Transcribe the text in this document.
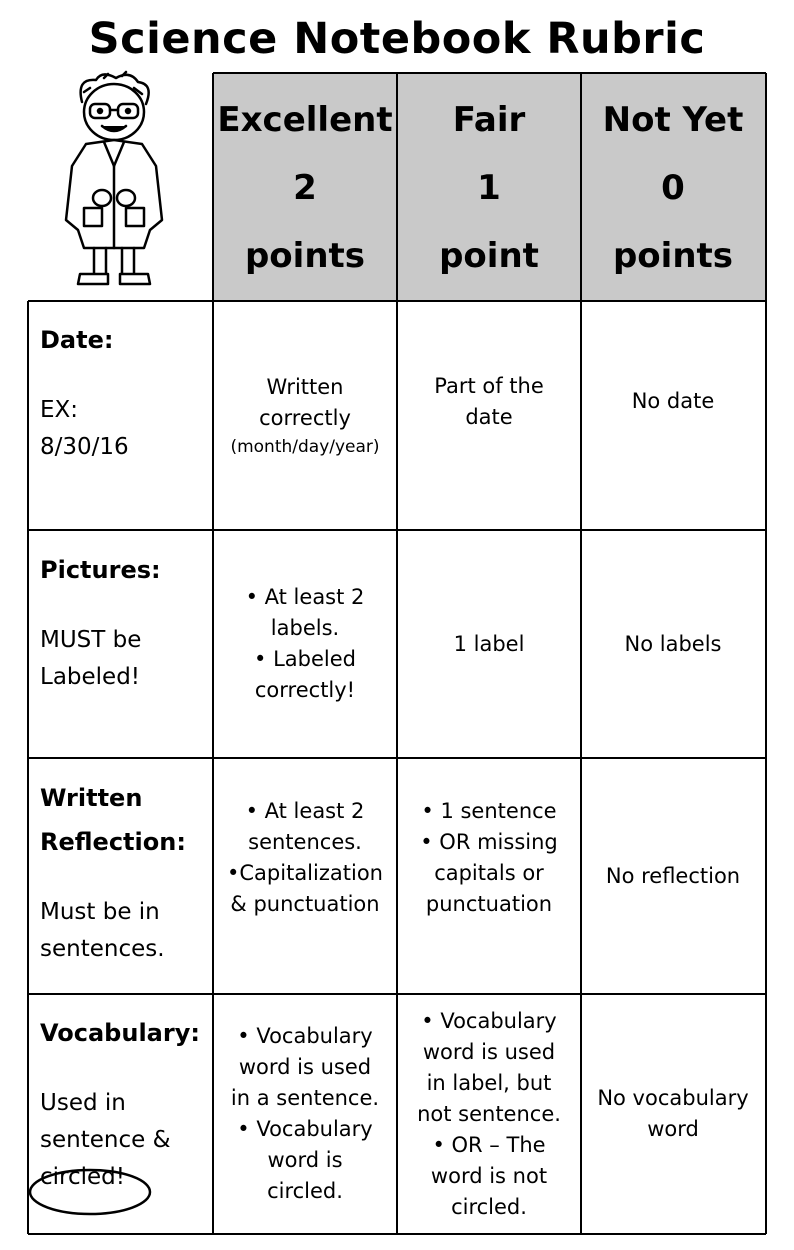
Science Notebook Rubric
Excellent
2
points
Fair
1
point
Not Yet
0
points
Date:
EX:
8/30/16
Written
correctly
(month/day/year)
Part of the
date
No date
Pictures:
MUST be
Labeled!
• At least 2
labels.
• Labeled
correctly!
1 label	No labels
Written
Reflection:
Must be in
sentences.
• At least 2
sentences.
•Capitalization
& punctuation
• 1 sentence
• OR missing
capitals or
punctuation
No reflection
Vocabulary:
Used in
sentence &
circled!
• Vocabulary
word is used
in a sentence.
• Vocabulary
word is
circled.
• Vocabulary
word is used
in label, but
not sentence.
• OR – The
word is not
circled.
No vocabulary
word
